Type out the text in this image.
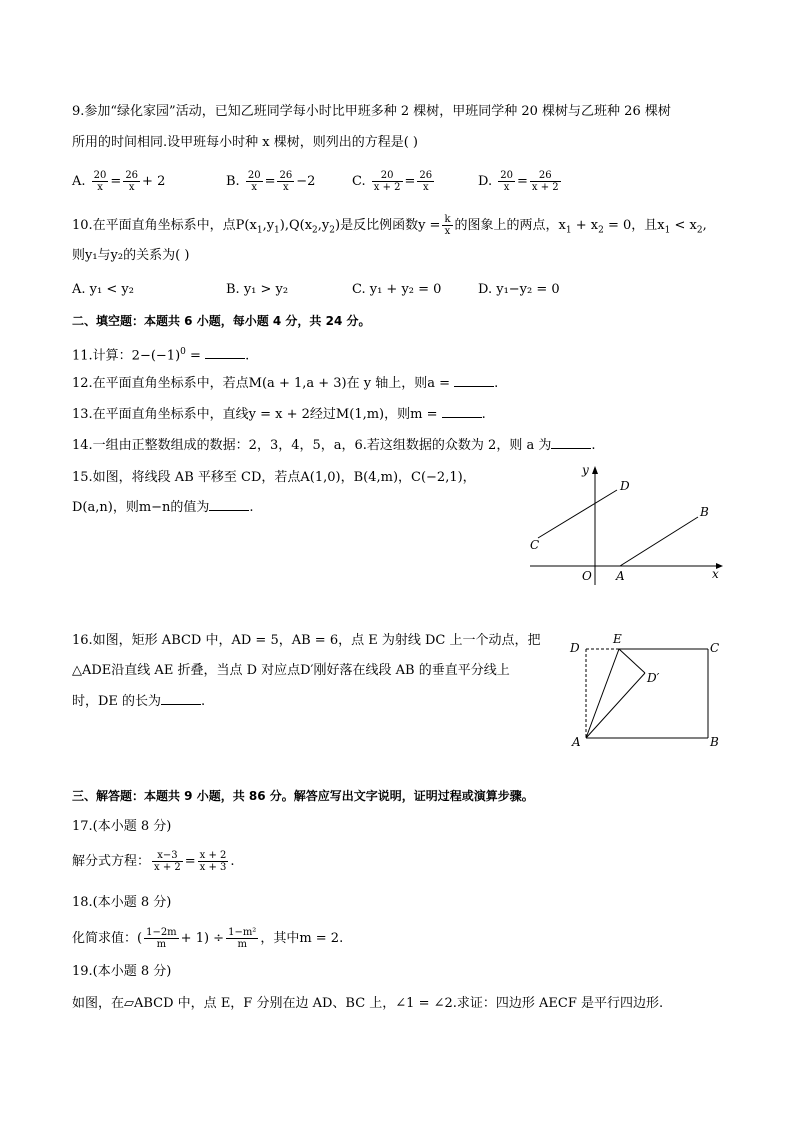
9.参加“绿化家园”活动，已知乙班同学每小时比甲班多种 2 棵树，甲班同学种 20 棵树与乙班种 26 棵树
所用的时间相同.设甲班每小时种 x 棵树，则列出的方程是( )
A. $\frac{20}{x} = \frac{26}{x} + 2$	B. $\frac{20}{x} = \frac{26}{x} -2$	C. $\frac{20}{x + 2} = \frac{26}{x}$	D. $\frac{20}{x} = \frac{26}{x + 2}$
10.在平面直角坐标系中，点$P(x_1,y_1),Q(x_2,y_2)$是反比例函数$y = \frac{k}{x}$ 的图象上的两点，$x_1 + x_2 = 0$，且$x_1 < x_2$,
则y₁与y₂的关系为( )
A. y₁ < y₂	B. y₁ > y₂	C. y₁ + y₂ = 0	D. y₁−y₂ = 0
二、填空题：本题共 6 小题，每小题 4 分，共 24 分。
11.计算：$2-(-1)^0$ =	.
12.在平面直角坐标系中，若点M(a + 1,a + 3)在 y 轴上，则a =	.
13.在平面直角坐标系中，直线y = x + 2经过M(1,m)，则m =	.
14.一组由正整数组成的数据：2，3，4，5，a，6.若这组数据的众数为 2，则 a 为	.
15.如图，将线段 AB 平移至 CD，若点A(1,0)，B(4,m)，C(−2,1)，
D(a,n)，则m−n的值为	.
y
x
O A
B
C
D
16.如图，矩形 ABCD 中，AD = 5，AB = 6，点 E 为射线 DC 上一个动点，把
△ADE沿直线 AE 折叠，当点 D 对应点D′刚好落在线段 AB 的垂直平分线上
时，DE 的长为	.
D
E
C
D′
A	B
三、解答题：本题共 9 小题，共 86 分。解答应写出文字说明，证明过程或演算步骤。
17.(本小题 8 分)
解分式方程： $\frac{x-3}{x + 2} = \frac{x + 2}{x + 3}$ .
18.(本小题 8 分)
化简求值：( $\frac{1-2m}{m} + 1) \div \frac{\text{1−m²}}{m}$ ，其中m = 2.
19.(本小题 8 分)
如图，在▱ABCD 中，点 E，F 分别在边 AD、BC 上，∠1 = ∠2.求证：四边形 AECF 是平行四边形.
